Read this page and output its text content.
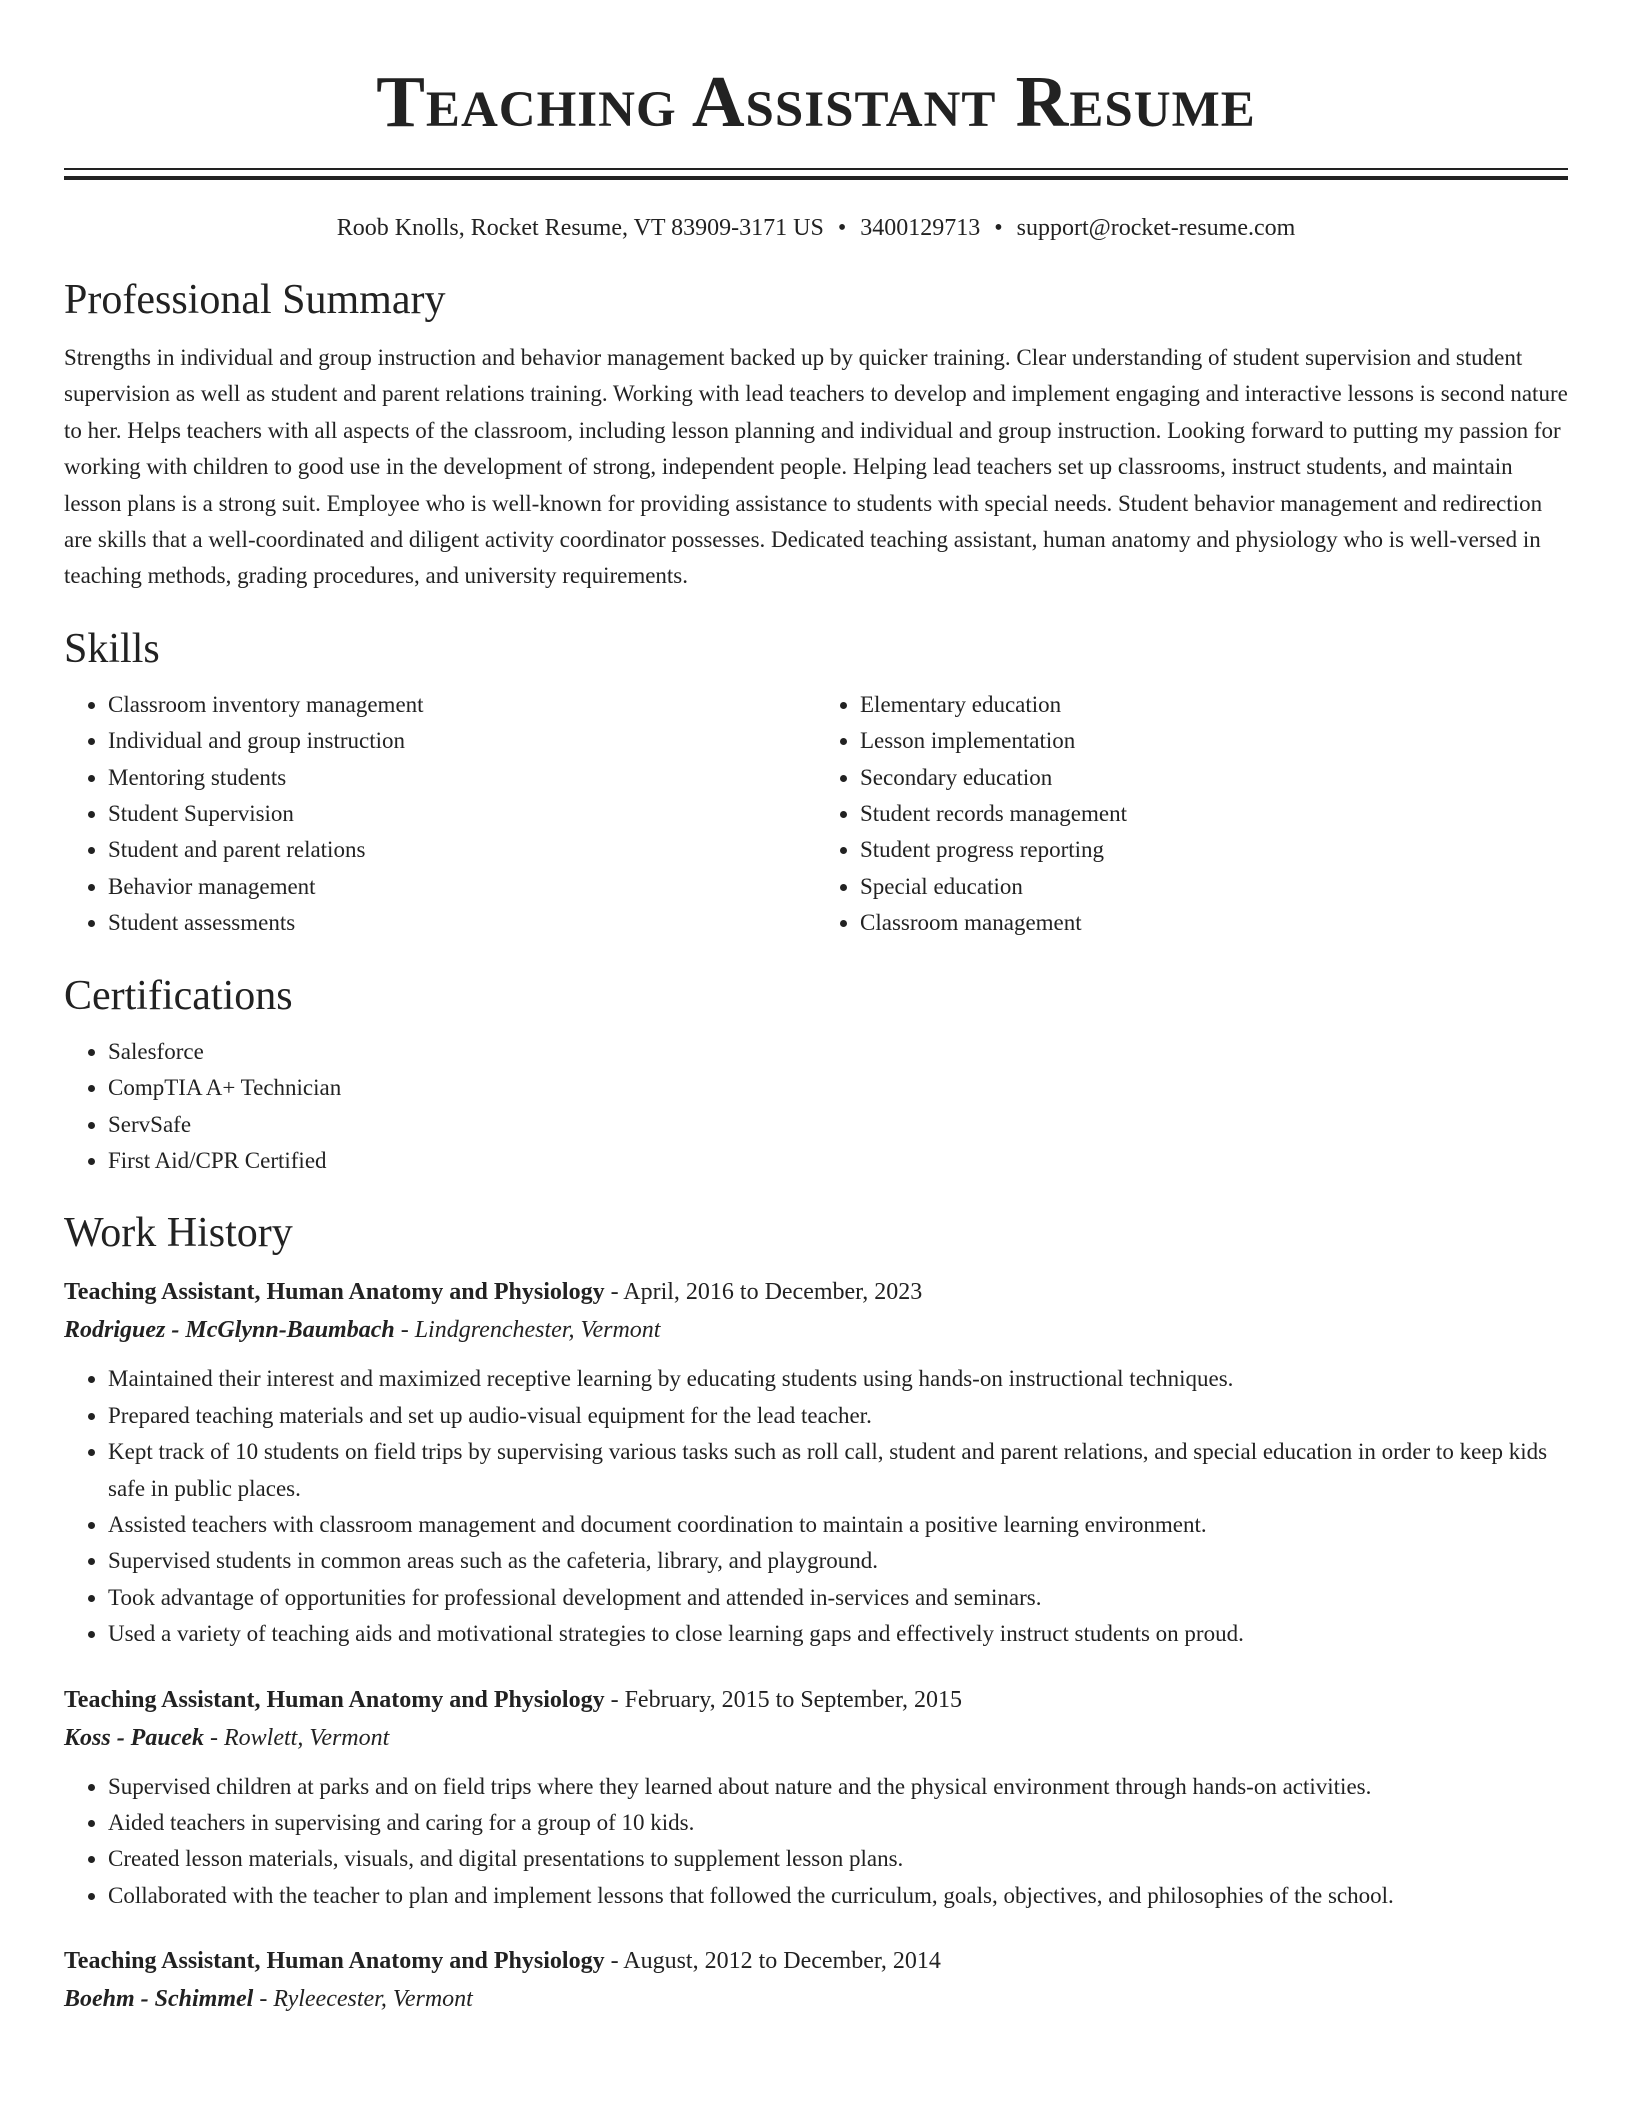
Teaching Assistant Resume
Roob Knolls, Rocket Resume, VT 83909-3171 US • 3400129713 • support@rocket-resume.com
Professional Summary

Strengths in individual and group instruction and behavior management backed up by quicker training. Clear understanding of student supervision and student supervision as well as student and parent relations training. Working with lead teachers to develop and implement engaging and interactive lessons is second nature to her. Helps teachers with all aspects of the classroom, including lesson planning and individual and group instruction. Looking forward to putting my passion for working with children to good use in the development of strong, independent people. Helping lead teachers set up classrooms, instruct students, and maintain lesson plans is a strong suit. Employee who is well-known for providing assistance to students with special needs. Student behavior management and redirection are skills that a well-coordinated and diligent activity coordinator possesses. Dedicated teaching assistant, human anatomy and physiology who is well-versed in teaching methods, grading procedures, and university requirements.

Skills
• Classroom inventory management
• Individual and group instruction
• Mentoring students
• Student Supervision
• Student and parent relations
• Behavior management
• Student assessments
• Elementary education
• Lesson implementation
• Secondary education
• Student records management
• Student progress reporting
• Special education
• Classroom management
Certifications
• Salesforce
• CompTIA A+ Technician
• ServSafe
• First Aid/CPR Certified
Work History
Teaching Assistant, Human Anatomy and Physiology - April, 2016 to December, 2023
Rodriguez - McGlynn-Baumbach - Lindgrenchester, Vermont
• Maintained their interest and maximized receptive learning by educating students using hands-on instructional techniques.
• Prepared teaching materials and set up audio-visual equipment for the lead teacher.
• Kept track of 10 students on field trips by supervising various tasks such as roll call, student and parent relations, and special education in order to keep kids safe in public places.
• Assisted teachers with classroom management and document coordination to maintain a positive learning environment.
• Supervised students in common areas such as the cafeteria, library, and playground.
• Took advantage of opportunities for professional development and attended in-services and seminars.
• Used a variety of teaching aids and motivational strategies to close learning gaps and effectively instruct students on proud.
Teaching Assistant, Human Anatomy and Physiology - February, 2015 to September, 2015
Koss - Paucek - Rowlett, Vermont
• Supervised children at parks and on field trips where they learned about nature and the physical environment through hands-on activities.
• Aided teachers in supervising and caring for a group of 10 kids.
• Created lesson materials, visuals, and digital presentations to supplement lesson plans.
• Collaborated with the teacher to plan and implement lessons that followed the curriculum, goals, objectives, and philosophies of the school.
Teaching Assistant, Human Anatomy and Physiology - August, 2012 to December, 2014
Boehm - Schimmel - Ryleecester, Vermont
